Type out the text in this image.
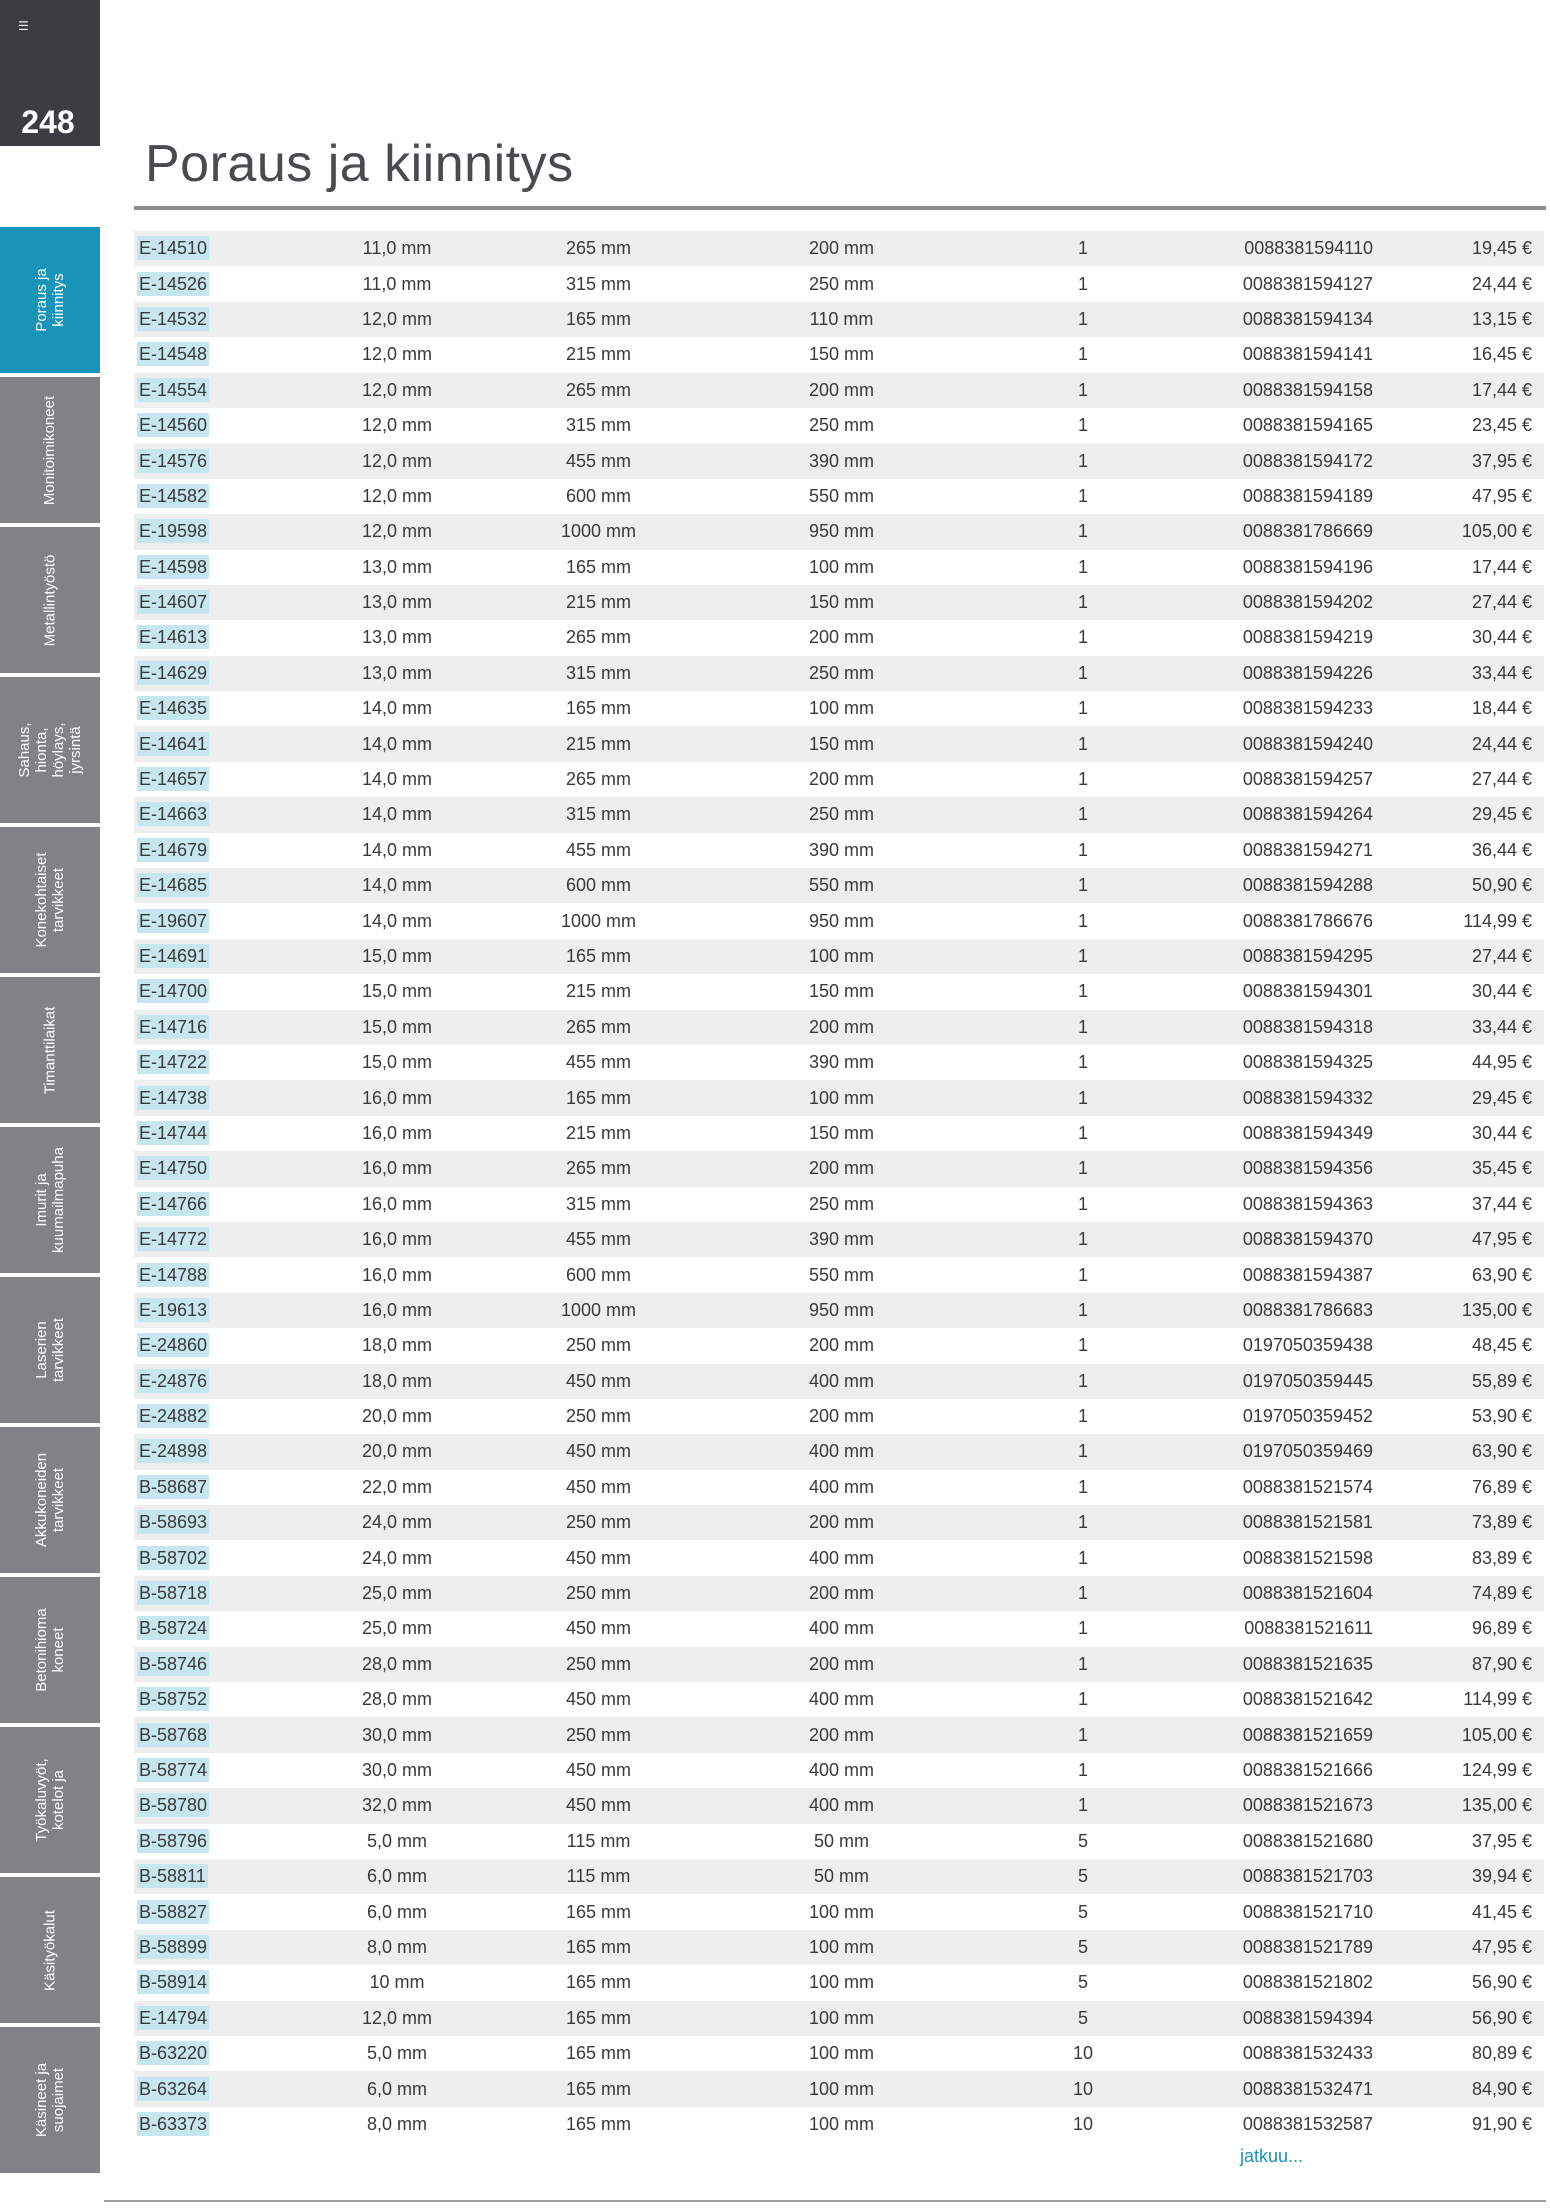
☰
248
Poraus ja kiinnitys
Monitoimikoneet
Metallintyöstö
Sahaus, hionta, höylays, jyrsintä
Konekohtaiset tarvikkeet
Timanttilaikat
Imurit ja kuumailmapuha
Laserien tarvikkeet
Akkukoneiden tarvikkeet
Betonihioma koneet
Työkaluvyöt, kotelot ja
Käsityökalut
Käsineet ja suojaimet
Poraus ja kiinnitys
E-14510	11,0 mm	265 mm	200 mm	1	0088381594110	19,45 €
E-14526	11,0 mm	315 mm	250 mm	1	0088381594127	24,44 €
E-14532	12,0 mm	165 mm	110 mm	1	0088381594134	13,15 €
E-14548	12,0 mm	215 mm	150 mm	1	0088381594141	16,45 €
E-14554	12,0 mm	265 mm	200 mm	1	0088381594158	17,44 €
E-14560	12,0 mm	315 mm	250 mm	1	0088381594165	23,45 €
E-14576	12,0 mm	455 mm	390 mm	1	0088381594172	37,95 €
E-14582	12,0 mm	600 mm	550 mm	1	0088381594189	47,95 €
E-19598	12,0 mm	1000 mm	950 mm	1	0088381786669	105,00 €
E-14598	13,0 mm	165 mm	100 mm	1	0088381594196	17,44 €
E-14607	13,0 mm	215 mm	150 mm	1	0088381594202	27,44 €
E-14613	13,0 mm	265 mm	200 mm	1	0088381594219	30,44 €
E-14629	13,0 mm	315 mm	250 mm	1	0088381594226	33,44 €
E-14635	14,0 mm	165 mm	100 mm	1	0088381594233	18,44 €
E-14641	14,0 mm	215 mm	150 mm	1	0088381594240	24,44 €
E-14657	14,0 mm	265 mm	200 mm	1	0088381594257	27,44 €
E-14663	14,0 mm	315 mm	250 mm	1	0088381594264	29,45 €
E-14679	14,0 mm	455 mm	390 mm	1	0088381594271	36,44 €
E-14685	14,0 mm	600 mm	550 mm	1	0088381594288	50,90 €
E-19607	14,0 mm	1000 mm	950 mm	1	0088381786676	114,99 €
E-14691	15,0 mm	165 mm	100 mm	1	0088381594295	27,44 €
E-14700	15,0 mm	215 mm	150 mm	1	0088381594301	30,44 €
E-14716	15,0 mm	265 mm	200 mm	1	0088381594318	33,44 €
E-14722	15,0 mm	455 mm	390 mm	1	0088381594325	44,95 €
E-14738	16,0 mm	165 mm	100 mm	1	0088381594332	29,45 €
E-14744	16,0 mm	215 mm	150 mm	1	0088381594349	30,44 €
E-14750	16,0 mm	265 mm	200 mm	1	0088381594356	35,45 €
E-14766	16,0 mm	315 mm	250 mm	1	0088381594363	37,44 €
E-14772	16,0 mm	455 mm	390 mm	1	0088381594370	47,95 €
E-14788	16,0 mm	600 mm	550 mm	1	0088381594387	63,90 €
E-19613	16,0 mm	1000 mm	950 mm	1	0088381786683	135,00 €
E-24860	18,0 mm	250 mm	200 mm	1	0197050359438	48,45 €
E-24876	18,0 mm	450 mm	400 mm	1	0197050359445	55,89 €
E-24882	20,0 mm	250 mm	200 mm	1	0197050359452	53,90 €
E-24898	20,0 mm	450 mm	400 mm	1	0197050359469	63,90 €
B-58687	22,0 mm	450 mm	400 mm	1	0088381521574	76,89 €
B-58693	24,0 mm	250 mm	200 mm	1	0088381521581	73,89 €
B-58702	24,0 mm	450 mm	400 mm	1	0088381521598	83,89 €
B-58718	25,0 mm	250 mm	200 mm	1	0088381521604	74,89 €
B-58724	25,0 mm	450 mm	400 mm	1	0088381521611	96,89 €
B-58746	28,0 mm	250 mm	200 mm	1	0088381521635	87,90 €
B-58752	28,0 mm	450 mm	400 mm	1	0088381521642	114,99 €
B-58768	30,0 mm	250 mm	200 mm	1	0088381521659	105,00 €
B-58774	30,0 mm	450 mm	400 mm	1	0088381521666	124,99 €
B-58780	32,0 mm	450 mm	400 mm	1	0088381521673	135,00 €
B-58796	5,0 mm	115 mm	50 mm	5	0088381521680	37,95 €
B-58811	6,0 mm	115 mm	50 mm	5	0088381521703	39,94 €
B-58827	6,0 mm	165 mm	100 mm	5	0088381521710	41,45 €
B-58899	8,0 mm	165 mm	100 mm	5	0088381521789	47,95 €
B-58914	10 mm	165 mm	100 mm	5	0088381521802	56,90 €
E-14794	12,0 mm	165 mm	100 mm	5	0088381594394	56,90 €
B-63220	5,0 mm	165 mm	100 mm	10	0088381532433	80,89 €
B-63264	6,0 mm	165 mm	100 mm	10	0088381532471	84,90 €
B-63373	8,0 mm	165 mm	100 mm	10	0088381532587	91,90 €
jatkuu...
